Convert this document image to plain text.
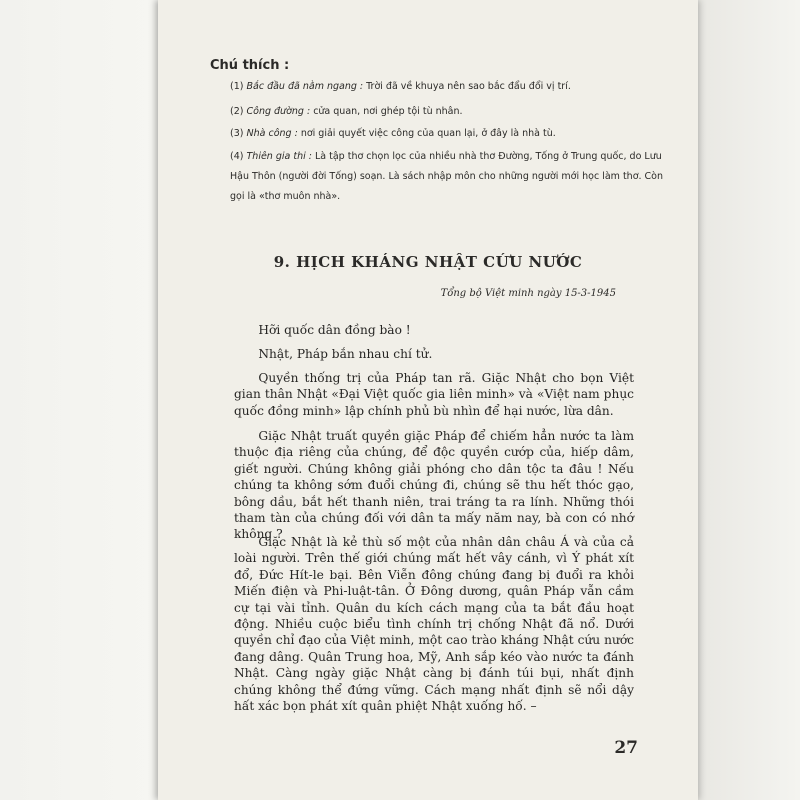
Chú thích :
(1) Bắc đầu đã nằm ngang : Trời đã về khuya nên sao bắc đẩu đổi vị trí.
(2) Công đường : cửa quan, nơi ghép tội tù nhân.
(3) Nhà công : nơi giải quyết việc công của quan lại, ở đây là nhà tù.
(4) Thiên gia thi : Là tập thơ chọn lọc của nhiều nhà thơ Đường, Tống ở Trung quốc, do Lưu Hậu Thôn (người đời Tống) soạn. Là sách nhập môn cho những người mới học làm thơ. Còn gọi là «thơ muôn nhà».
9. HỊCH KHÁNG NHẬT CỨU NƯỚC
Tổng bộ Việt minh ngày 15-3-1945
Hỡi quốc dân đồng bào !
Nhật, Pháp bắn nhau chí tử.
Quyền thống trị của Pháp tan rã. Giặc Nhật cho bọn Việt gian thân Nhật «Đại Việt quốc gia liên minh» và «Việt nam phục quốc đồng minh» lập chính phủ bù nhìn để hại nước, lừa dân.
Giặc Nhật truất quyền giặc Pháp để chiếm hẳn nước ta làm thuộc địa riêng của chúng, để độc quyền cướp của, hiếp dâm, giết người. Chúng không giải phóng cho dân tộc ta đâu ! Nếu chúng ta không sớm đuổi chúng đi, chúng sẽ thu hết thóc gạo, bông dầu, bắt hết thanh niên, trai tráng ta ra lính. Những thói tham tàn của chúng đối với dân ta mấy năm nay, bà con có nhớ không ?
Giặc Nhật là kẻ thù số một của nhân dân châu Á và của cả loài người. Trên thế giới chúng mất hết vây cánh, vì Ý phát xít đổ, Đức Hít-le bại. Bên Viễn đông chúng đang bị đuổi ra khỏi Miến điện và Phi-luật-tân. Ở Đông dương, quân Pháp vẫn cầm cự tại vài tỉnh. Quân du kích cách mạng của ta bắt đầu hoạt động. Nhiều cuộc biểu tình chính trị chống Nhật đã nổ. Dưới quyền chỉ đạo của Việt minh, một cao trào kháng Nhật cứu nước đang dâng. Quân Trung hoa, Mỹ, Anh sắp kéo vào nước ta đánh Nhật. Càng ngày giặc Nhật càng bị đánh túi bụi, nhất định chúng không thể đứng vững. Cách mạng nhất định sẽ nổi dậy hất xác bọn phát xít quân phiệt Nhật xuống hố. –
27
